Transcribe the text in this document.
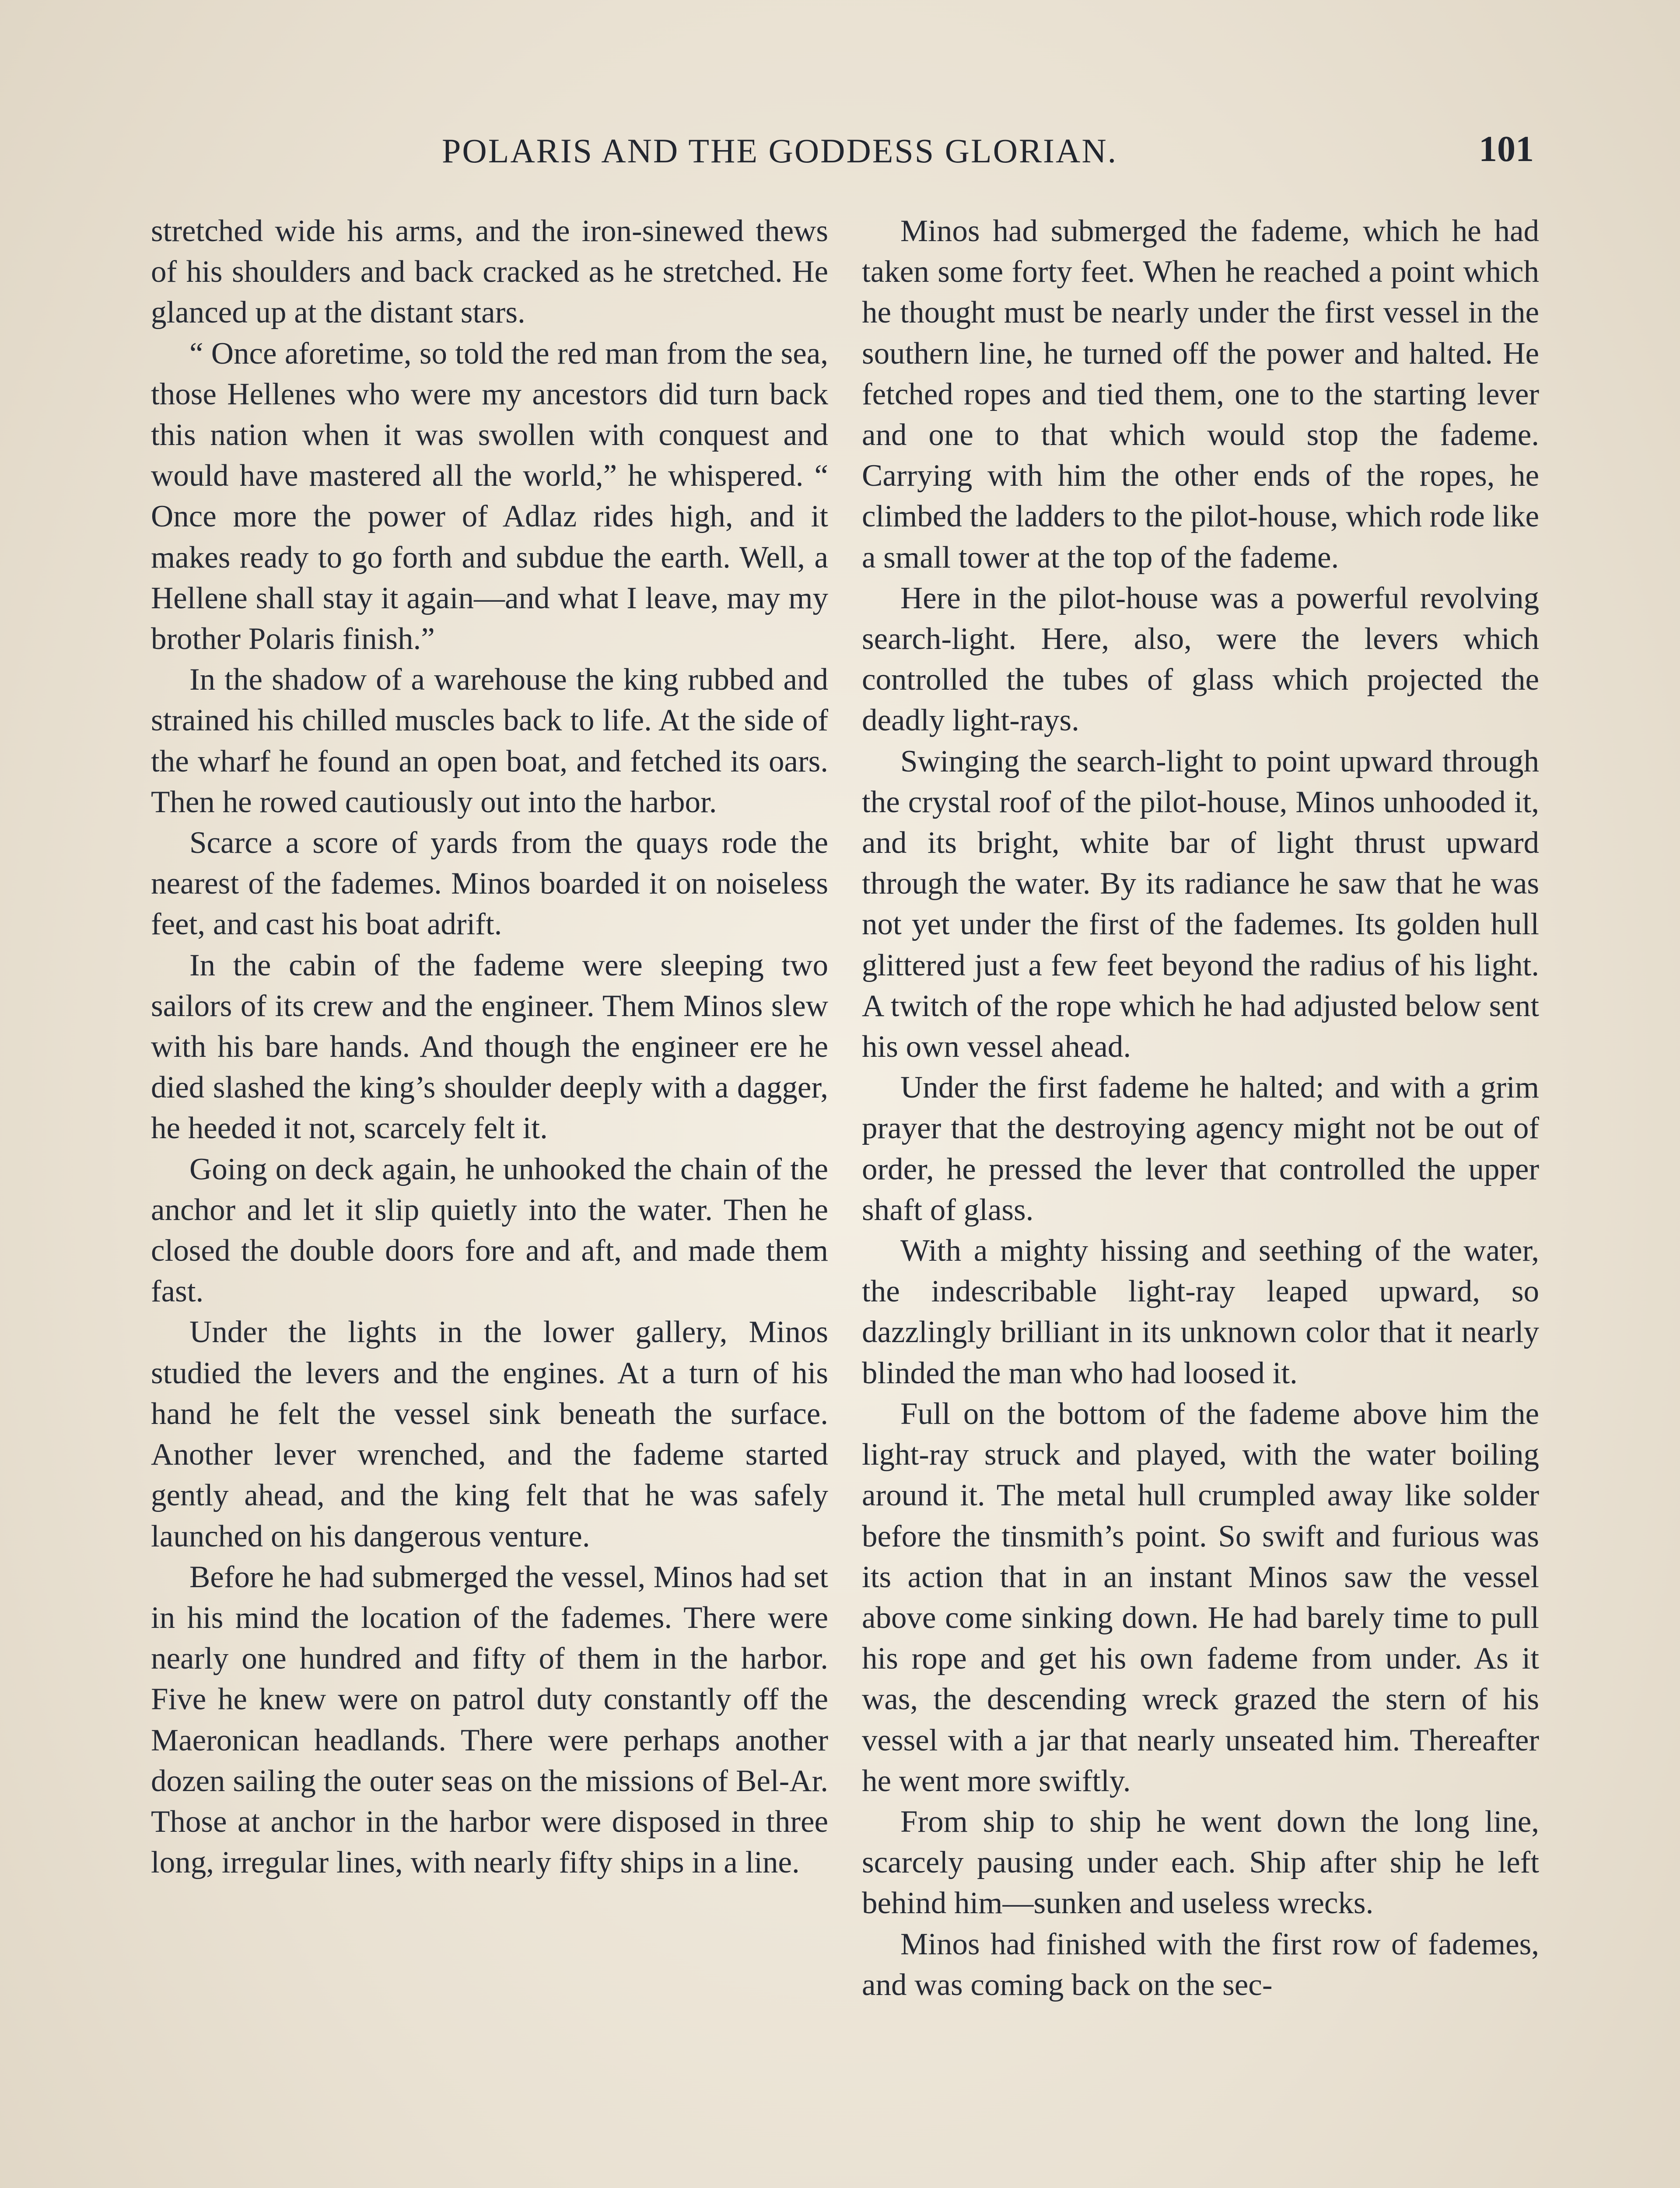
POLARIS AND THE GODDESS GLORIAN.	101

stretched wide his arms, and the iron-sinewed thews of his shoulders and back cracked as he stretched. He glanced up at the distant stars.

“ Once aforetime, so told the red man from the sea, those Hellenes who were my ancestors did turn back this nation when it was swollen with conquest and would have mastered all the world,” he whispered. “ Once more the power of Adlaz rides high, and it makes ready to go forth and subdue the earth. Well, a Hellene shall stay it again—and what I leave, may my brother Polaris finish.”

In the shadow of a warehouse the king rubbed and strained his chilled muscles back to life. At the side of the wharf he found an open boat, and fetched its oars. Then he rowed cautiously out into the harbor.

Scarce a score of yards from the quays rode the nearest of the fademes. Minos boarded it on noiseless feet, and cast his boat adrift.

In the cabin of the fademe were sleeping two sailors of its crew and the engineer. Them Minos slew with his bare hands. And though the engineer ere he died slashed the king’s shoulder deeply with a dagger, he heeded it not, scarcely felt it.

Going on deck again, he unhooked the chain of the anchor and let it slip quietly into the water. Then he closed the double doors fore and aft, and made them fast.

Under the lights in the lower gallery, Minos studied the levers and the engines. At a turn of his hand he felt the vessel sink beneath the surface. Another lever wrenched, and the fademe started gently ahead, and the king felt that he was safely launched on his dangerous venture.

Before he had submerged the vessel, Minos had set in his mind the location of the fademes. There were nearly one hundred and fifty of them in the harbor. Five he knew were on patrol duty constantly off the Maeronican headlands. There were perhaps another dozen sailing the outer seas on the missions of Bel-Ar. Those at anchor in the harbor were disposed in three long, irregular lines, with nearly fifty ships in a line.

Minos had submerged the fademe, which he had taken some forty feet. When he reached a point which he thought must be nearly under the first vessel in the southern line, he turned off the power and halted. He fetched ropes and tied them, one to the starting lever and one to that which would stop the fademe. Carrying with him the other ends of the ropes, he climbed the ladders to the pilot-house, which rode like a small tower at the top of the fademe.

Here in the pilot-house was a powerful revolving search-light. Here, also, were the levers which controlled the tubes of glass which projected the deadly light-rays.

Swinging the search-light to point upward through the crystal roof of the pilot-house, Minos unhooded it, and its bright, white bar of light thrust upward through the water. By its radiance he saw that he was not yet under the first of the fademes. Its golden hull glittered just a few feet beyond the radius of his light. A twitch of the rope which he had adjusted below sent his own vessel ahead.

Under the first fademe he halted; and with a grim prayer that the destroying agency might not be out of order, he pressed the lever that controlled the upper shaft of glass.

With a mighty hissing and seething of the water, the indescribable light-ray leaped upward, so dazzlingly brilliant in its unknown color that it nearly blinded the man who had loosed it.

Full on the bottom of the fademe above him the light-ray struck and played, with the water boiling around it. The metal hull crumpled away like solder before the tinsmith’s point. So swift and furious was its action that in an instant Minos saw the vessel above come sinking down. He had barely time to pull his rope and get his own fademe from under. As it was, the descending wreck grazed the stern of his vessel with a jar that nearly unseated him. Thereafter he went more swiftly.

From ship to ship he went down the long line, scarcely pausing under each. Ship after ship he left behind him—sunken and useless wrecks.

Minos had finished with the first row of fademes, and was coming back on the sec-
